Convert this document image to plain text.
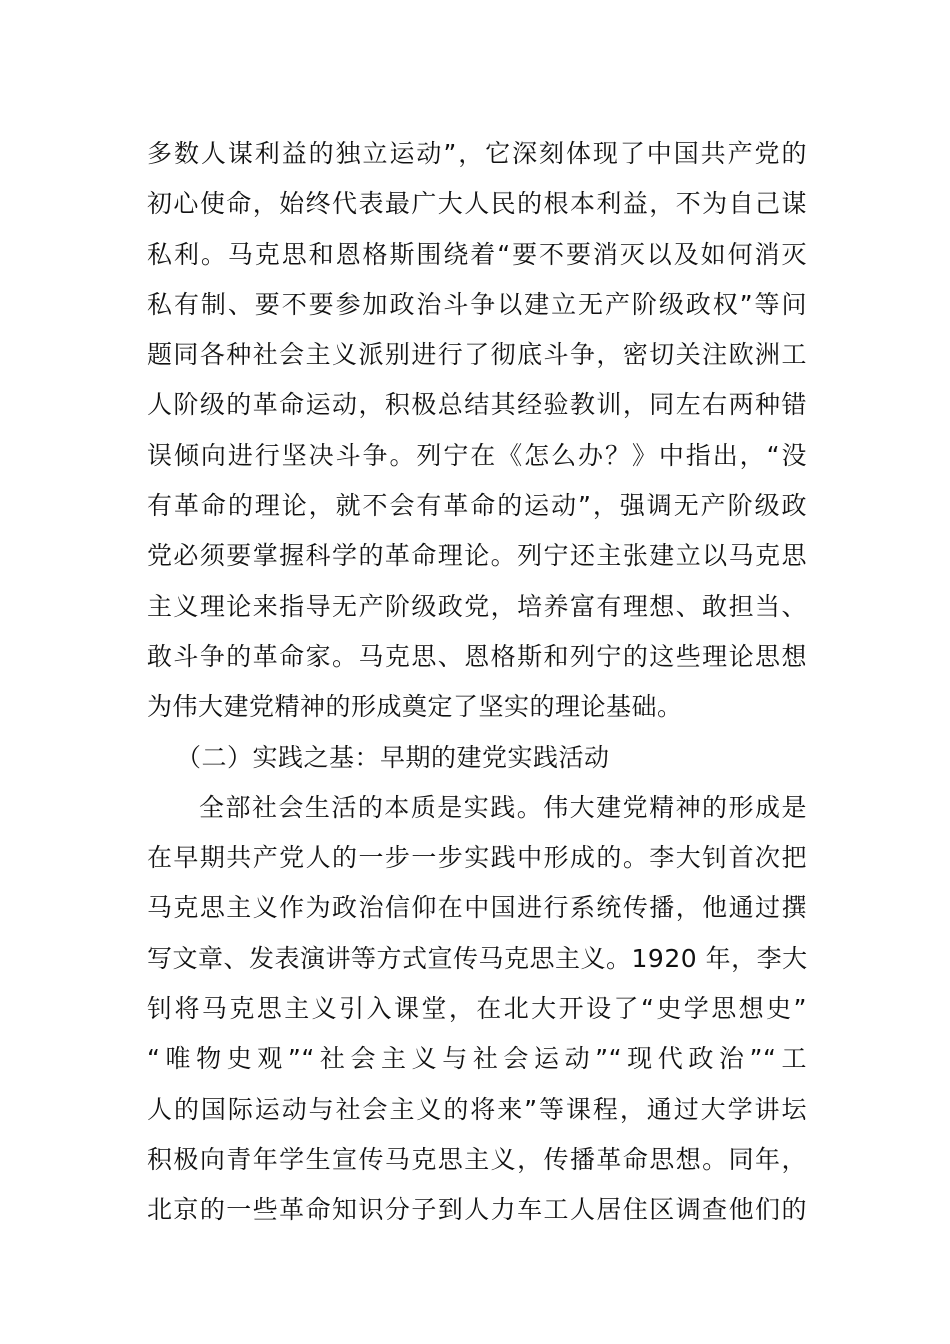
多数人谋利益的独立运动”，它深刻体现了中国共产党的
初心使命，始终代表最广大人民的根本利益，不为自己谋
私利。马克思和恩格斯围绕着“要不要消灭以及如何消灭
私有制、要不要参加政治斗争以建立无产阶级政权”等问
题同各种社会主义派别进行了彻底斗争，密切关注欧洲工
人阶级的革命运动，积极总结其经验教训，同左右两种错
误倾向进行坚决斗争。列宁在《怎么办？》中指出，“没
有革命的理论，就不会有革命的运动”，强调无产阶级政
党必须要掌握科学的革命理论。列宁还主张建立以马克思
主义理论来指导无产阶级政党，培养富有理想、敢担当、
敢斗争的革命家。马克思、恩格斯和列宁的这些理论思想
为伟大建党精神的形成奠定了坚实的理论基础。
（二）实践之基：早期的建党实践活动
全部社会生活的本质是实践。伟大建党精神的形成是
在早期共产党人的一步一步实践中形成的。李大钊首次把
马克思主义作为政治信仰在中国进行系统传播，他通过撰
写文章、发表演讲等方式宣传马克思主义。1920 年，李大
钊将马克思主义引入课堂，在北大开设了“史学思想史”
“唯物史观”“社会主义与社会运动”“现代政治”“工
人的国际运动与社会主义的将来”等课程，通过大学讲坛
积极向青年学生宣传马克思主义，传播革命思想。同年，
北京的一些革命知识分子到人力车工人居住区调查他们的
